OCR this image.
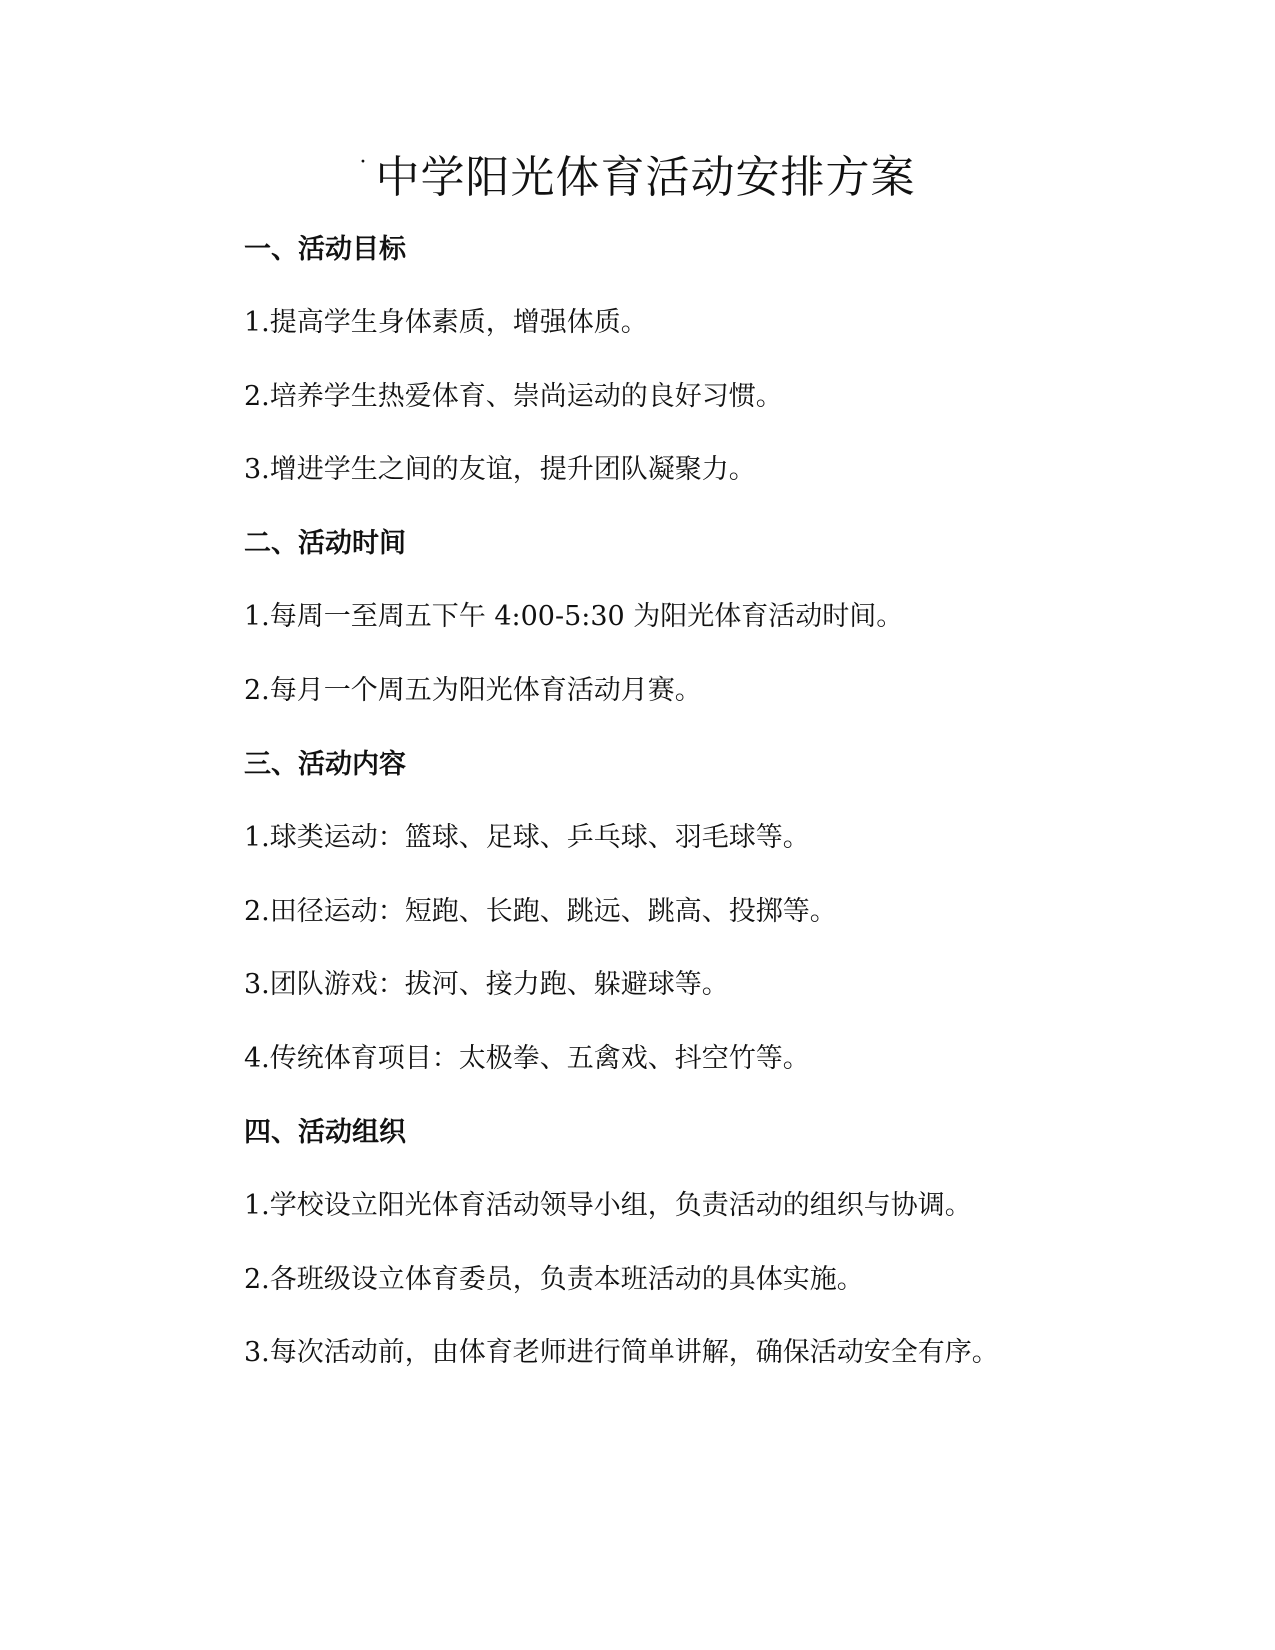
· 中学阳光体育活动安排方案
一、活动目标
1.提高学生身体素质，增强体质。
2.培养学生热爱体育、崇尚运动的良好习惯。
3.增进学生之间的友谊，提升团队凝聚力。
二、活动时间
1.每周一至周五下午 4:00-5:30 为阳光体育活动时间。
2.每月一个周五为阳光体育活动月赛。
三、活动内容
1.球类运动：篮球、足球、乒乓球、羽毛球等。
2.田径运动：短跑、长跑、跳远、跳高、投掷等。
3.团队游戏：拔河、接力跑、躲避球等。
4.传统体育项目：太极拳、五禽戏、抖空竹等。
四、活动组织
1.学校设立阳光体育活动领导小组，负责活动的组织与协调。
2.各班级设立体育委员，负责本班活动的具体实施。
3.每次活动前，由体育老师进行简单讲解，确保活动安全有序。
